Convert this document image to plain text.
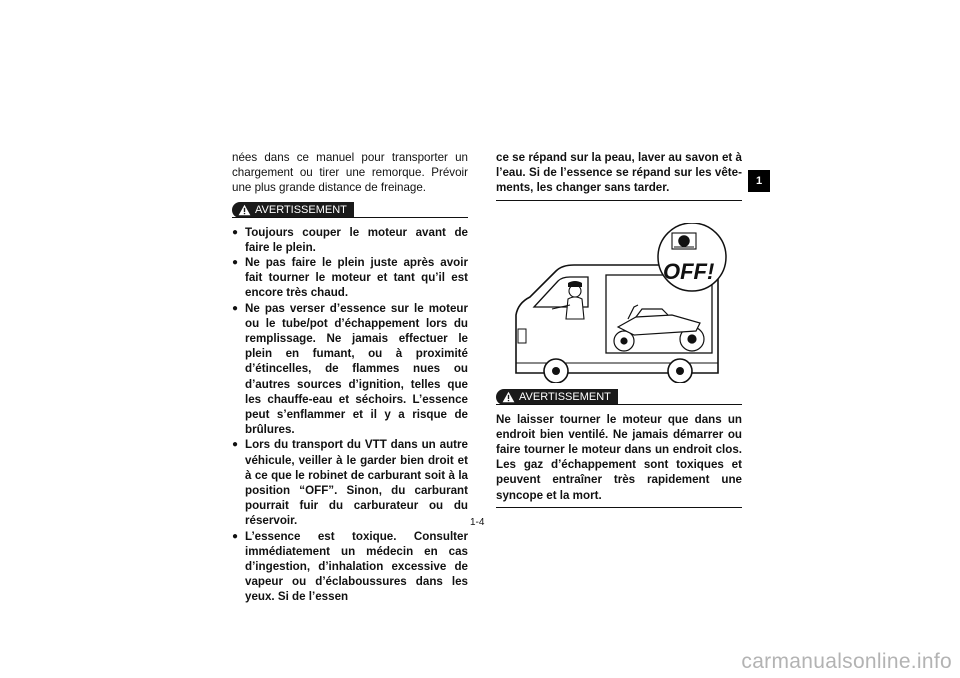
nées dans ce manuel pour transporter un chargement ou tirer une remorque. Prévoir une plus grande distance de freinage.

AVERTISSEMENT
● Toujours couper le moteur avant de faire le plein.
● Ne pas faire le plein juste après avoir fait tourner le moteur et tant qu’il est encore très chaud.
● Ne pas verser d’essence sur le moteur ou le tube/pot d’échappement lors du remplissage. Ne jamais effectuer le plein en fumant, ou à proximité d’étincelles, de flammes nues ou d’autres sources d’ignition, telles que les chauffe-eau et séchoirs. L’essence peut s’enflammer et il y a risque de brûlures.
● Lors du transport du VTT dans un autre véhicule, veiller à le garder bien droit et à ce que le robinet de carburant soit à la position “OFF”. Sinon, du carburant pourrait fuir du carburateur ou du réservoir.
● L’essence est toxique. Consulter immédiatement un médecin en cas d’ingestion, d’inhalation excessive de vapeur ou d’éclaboussures dans les yeux. Si de l’essen

ce se répand sur la peau, laver au savon et à l’eau. Si de l’essence se répand sur les vêtements, les changer sans tarder.

OFF!
AVERTISSEMENT

Ne laisser tourner le moteur que dans un endroit bien ventilé. Ne jamais démarrer ou faire tourner le moteur dans un endroit clos. Les gaz d’échappement sont toxiques et peuvent entraîner très rapidement une syncope et la mort.

1-4
1
carmanualsonline.info
